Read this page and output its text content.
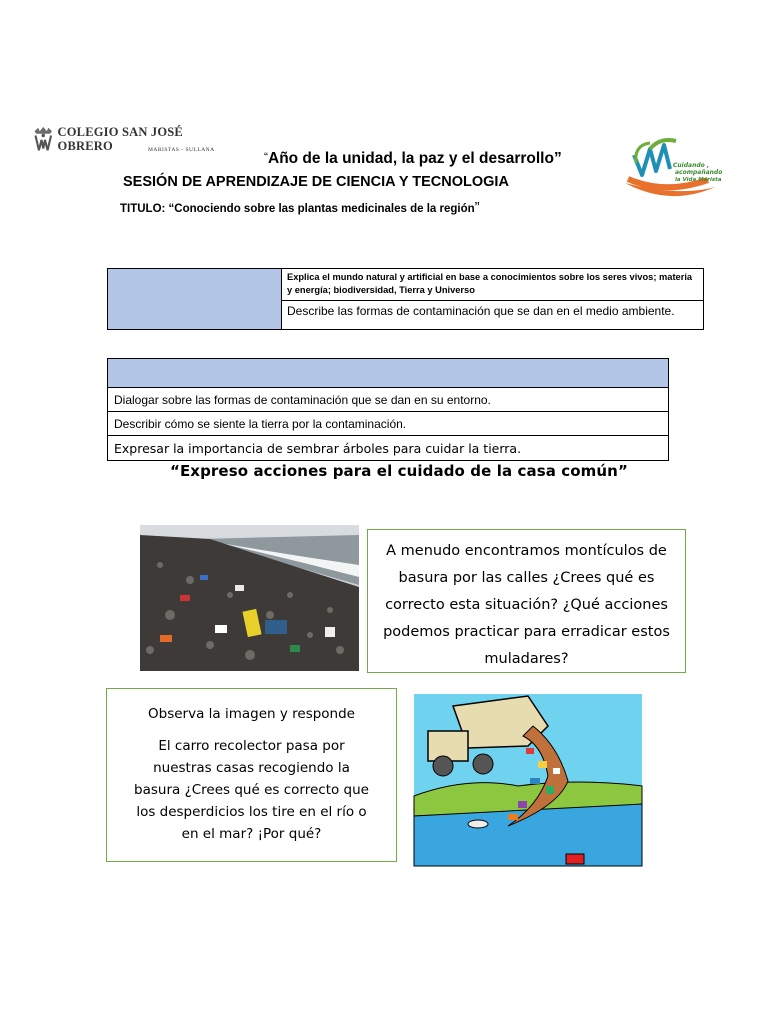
COLEGIO SAN JOSÉ OBRERO	MARISTAS - SULLANA	“Año de la unidad, la paz y el desarrollo”
SESIÓN DE APRENDIZAJE DE CIENCIA Y TECNOLOGIA
TITULO: “Conociendo sobre las plantas medicinales de la región”
Cuidando ,
acompañando
la Vida Marista
	Explica el mundo natural y artificial en base a conocimientos sobre los seres vivos; materia y energía; biodiversidad, Tierra y Universo
Describe las formas de contaminación que se dan en el medio ambiente.

Dialogar sobre las formas de contaminación que se dan en su entorno.
Describir cómo se siente la tierra por la contaminación.
Expresar la importancia de sembrar árboles para cuidar la tierra.
“Expreso acciones para el cuidado de la casa común”
A menudo encontramos montículos de basura por las calles ¿Crees qué es correcto esta situación? ¿Qué acciones podemos practicar para erradicar estos muladares?
Observa la imagen y responde
El carro recolector pasa por nuestras casas recogiendo la basura ¿Crees qué es correcto que los desperdicios los tire en el río o en el mar? ¡Por qué?
